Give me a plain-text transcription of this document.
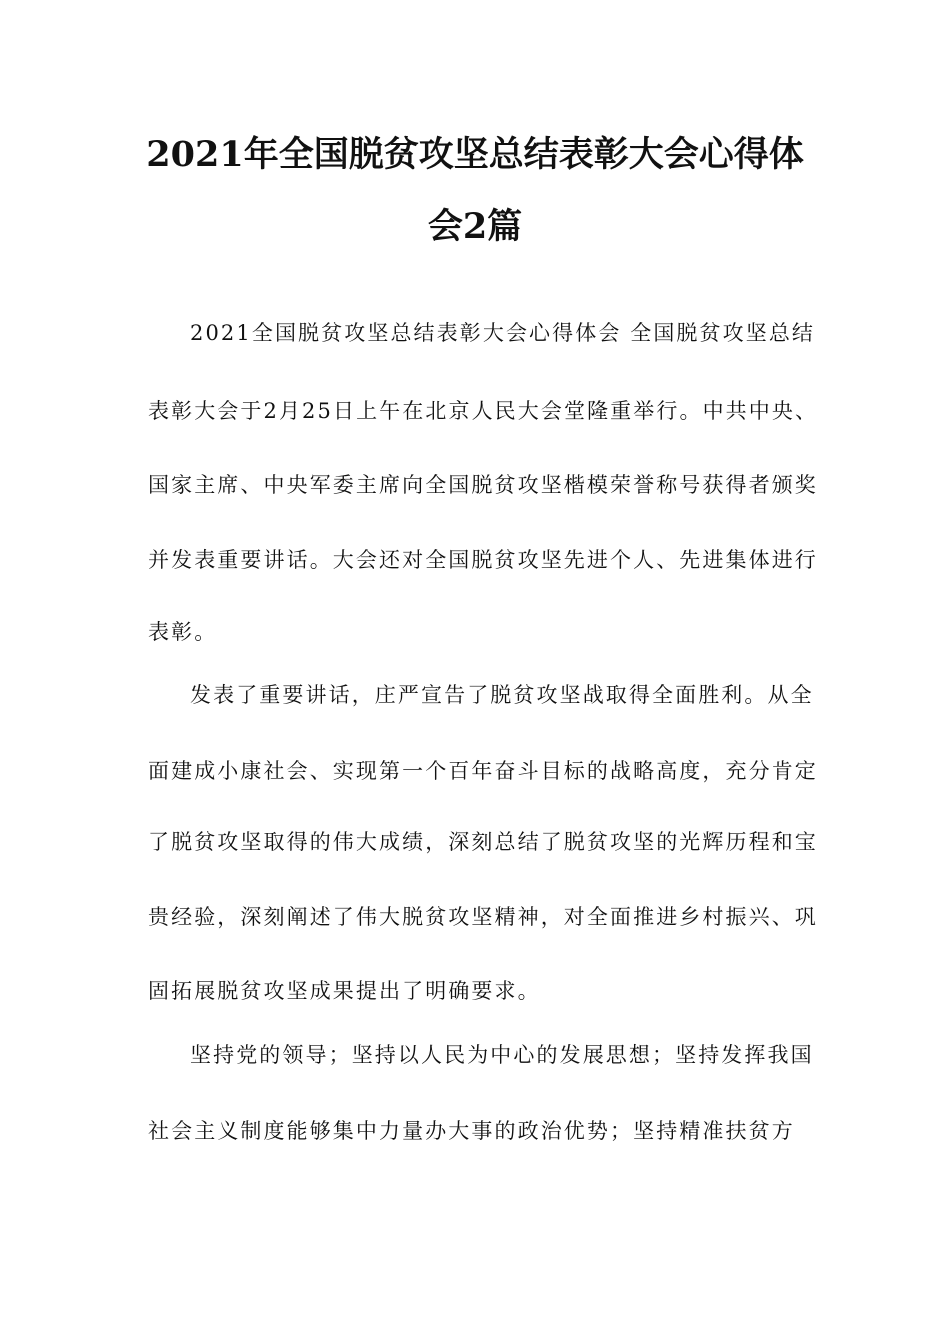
2021年全国脱贫攻坚总结表彰大会心得体
会2篇

2021全国脱贫攻坚总结表彰大会心得体会 全国脱贫攻坚总结

表彰大会于2月25日上午在北京人民大会堂隆重举行。中共中央、

国家主席、中央军委主席向全国脱贫攻坚楷模荣誉称号获得者颁奖

并发表重要讲话。大会还对全国脱贫攻坚先进个人、先进集体进行

表彰。

发表了重要讲话，庄严宣告了脱贫攻坚战取得全面胜利。从全

面建成小康社会、实现第一个百年奋斗目标的战略高度，充分肯定

了脱贫攻坚取得的伟大成绩，深刻总结了脱贫攻坚的光辉历程和宝

贵经验，深刻阐述了伟大脱贫攻坚精神，对全面推进乡村振兴、巩

固拓展脱贫攻坚成果提出了明确要求。

坚持党的领导；坚持以人民为中心的发展思想；坚持发挥我国

社会主义制度能够集中力量办大事的政治优势；坚持精准扶贫方
